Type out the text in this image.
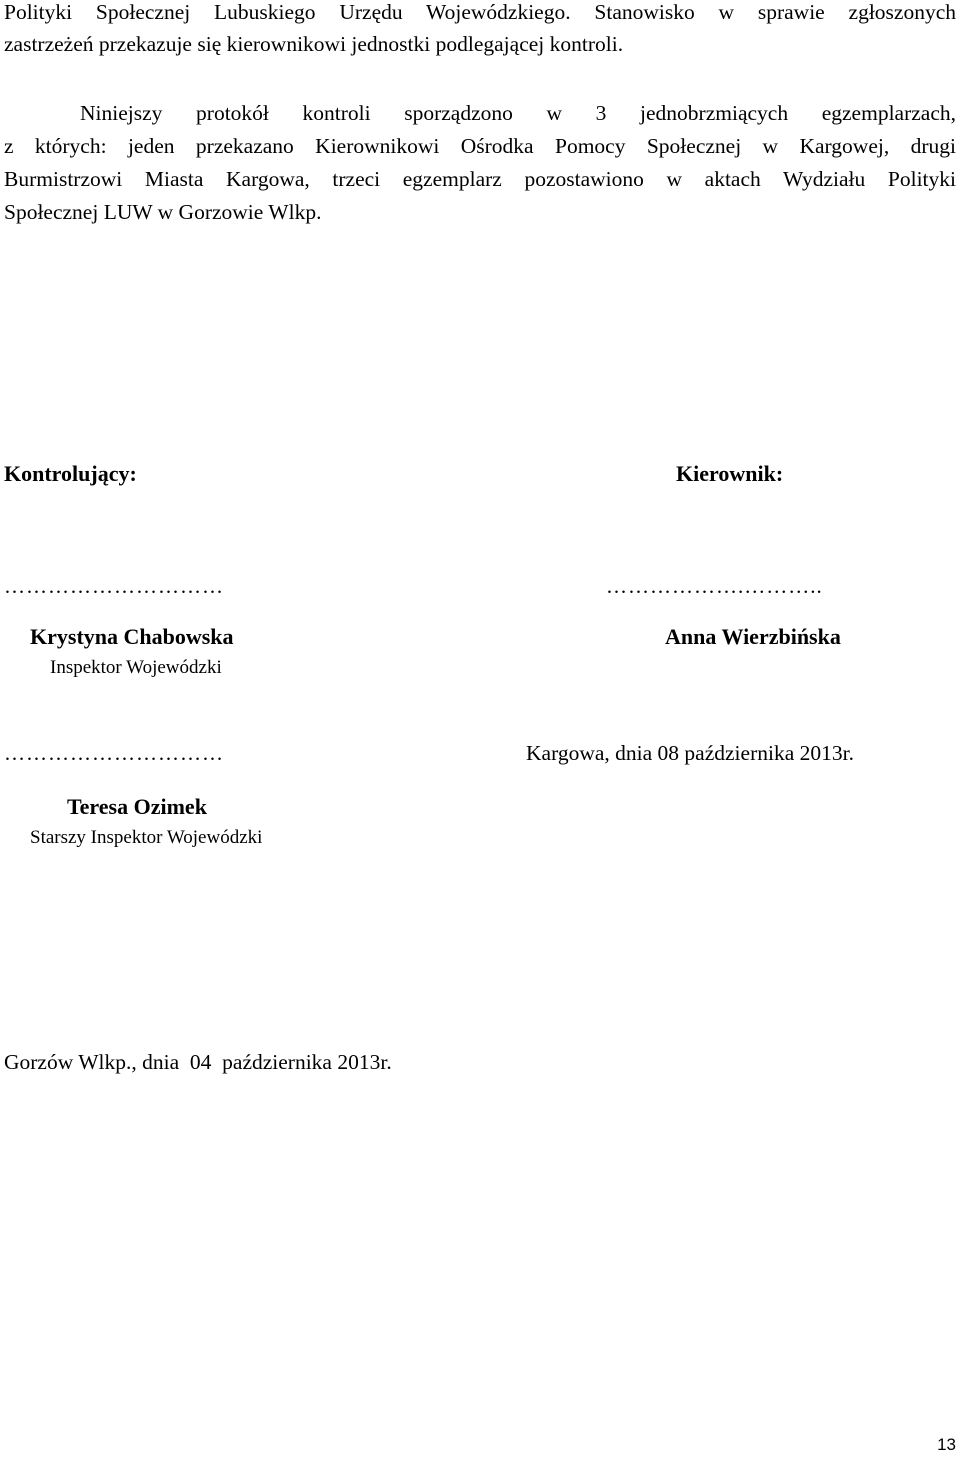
Polityki Społecznej Lubuskiego Urzędu Wojewódzkiego. Stanowisko w sprawie zgłoszonych
zastrzeżeń przekazuje się kierownikowi jednostki podlegającej kontroli.
Niniejszy protokół kontroli sporządzono w 3 jednobrzmiących egzemplarzach,
z których: jeden przekazano Kierownikowi Ośrodka Pomocy Społecznej w Kargowej, drugi
Burmistrzowi Miasta Kargowa, trzeci egzemplarz pozostawiono w aktach Wydziału Polityki
Społecznej LUW w Gorzowie Wlkp.
Kontrolujący:	Kierownik:
…………………………
Krystyna Chabowska
Inspektor Wojewódzki
……………….………..
Anna Wierzbińska
…………………………
Teresa Ozimek
Starszy Inspektor Wojewódzki
Kargowa, dnia 08 października 2013r.
Gorzów Wlkp., dnia  04  października 2013r.
13
